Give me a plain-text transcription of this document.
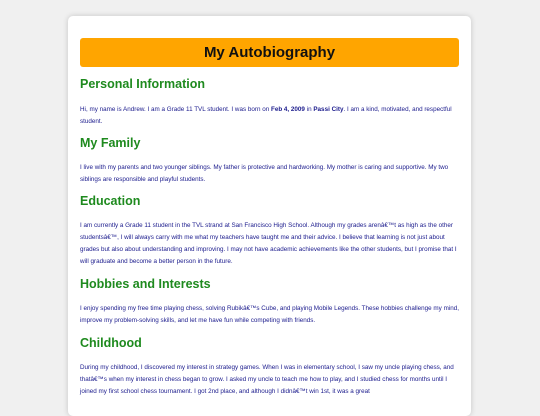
My Autobiography
Personal Information

Hi, my name is Andrew. I am a Grade 11 TVL student. I was born on Feb 4, 2009 in Passi City. I am a kind, motivated, and respectful student.

My Family

I live with my parents and two younger siblings. My father is protective and hardworking. My mother is caring and supportive. My two siblings are responsible and playful students.

Education

I am currently a Grade 11 student in the TVL strand at San Francisco High School. Although my grades arenâ€™t as high as the other studentsâ€™, I will always carry with me what my teachers have taught me and their advice. I believe that learning is not just about grades but also about understanding and improving. I may not have academic achievements like the other students, but I promise that I will graduate and become a better person in the future.

Hobbies and Interests

I enjoy spending my free time playing chess, solving Rubikâ€™s Cube, and playing Mobile Legends. These hobbies challenge my mind, improve my problem-solving skills, and let me have fun while competing with friends.

Childhood

During my childhood, I discovered my interest in strategy games. When I was in elementary school, I saw my uncle playing chess, and thatâ€™s when my interest in chess began to grow. I asked my uncle to teach me how to play, and I studied chess for months until I joined my first school chess tournament. I got 2nd place, and although I didnâ€™t win 1st, it was a great
